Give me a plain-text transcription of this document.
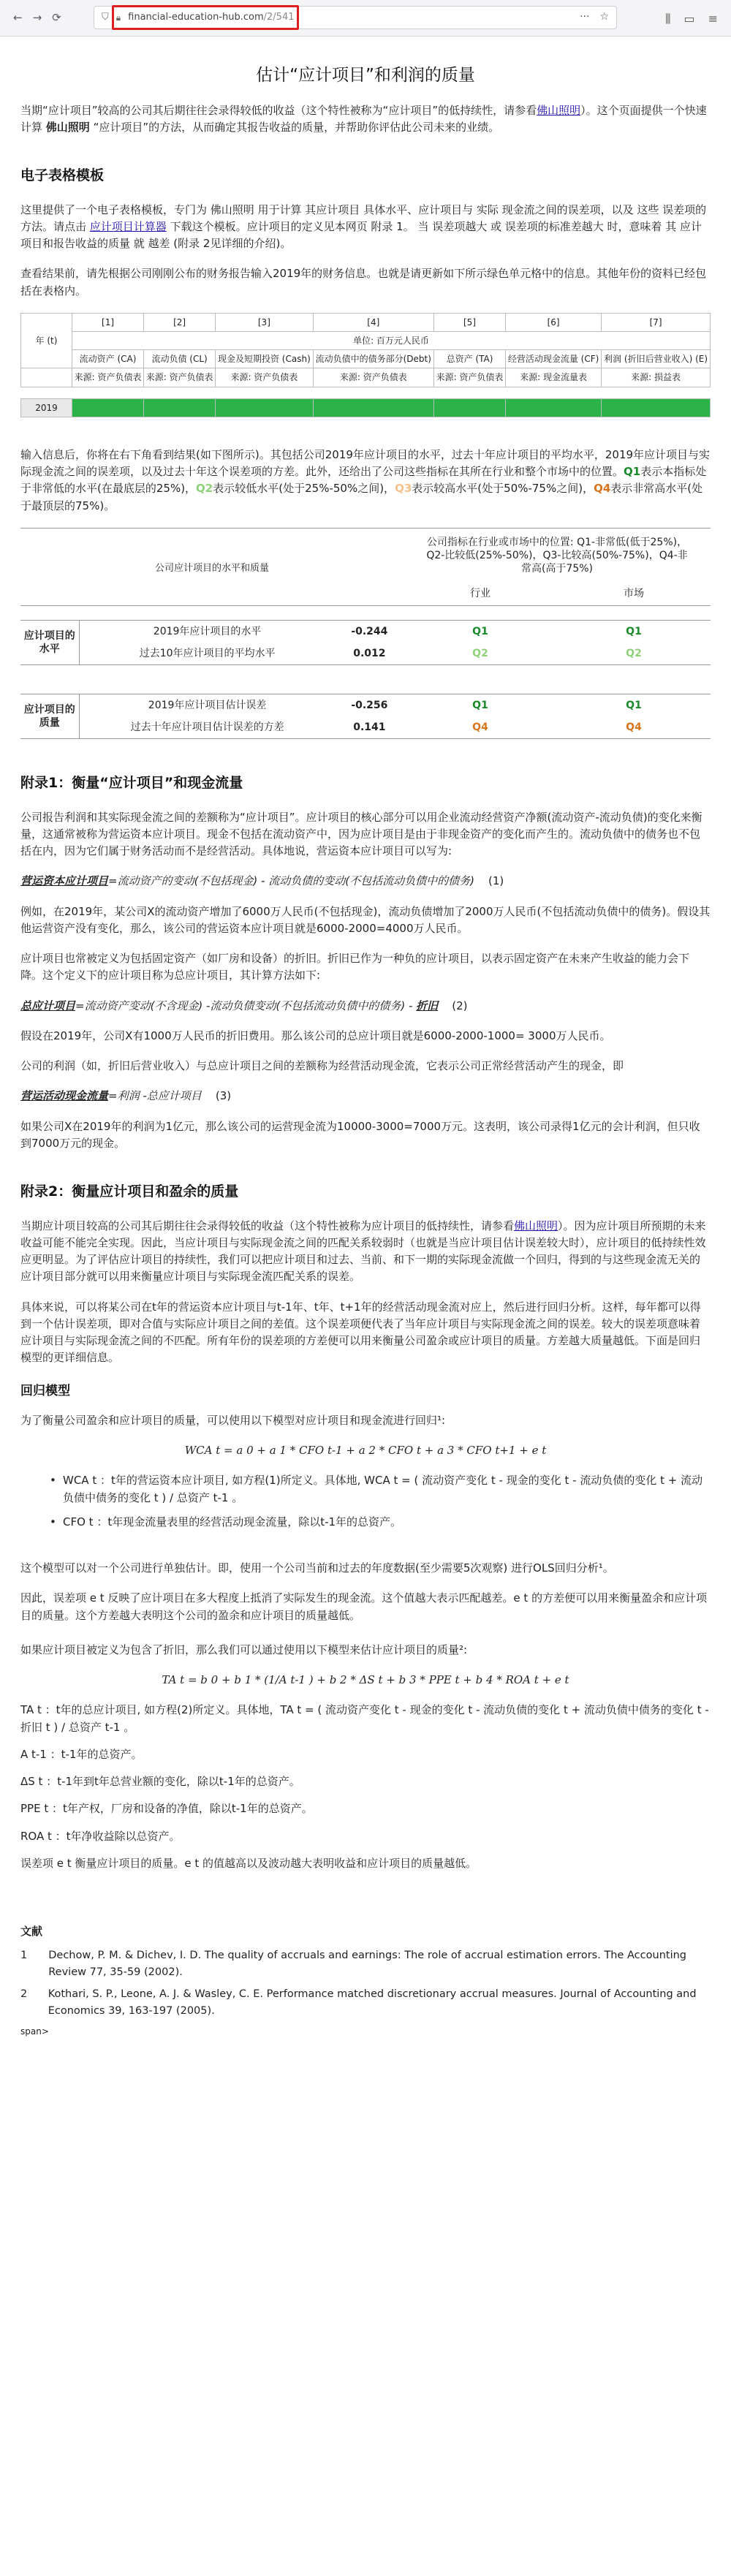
← → ⟳	⛉ 🔒︎ financial-education-hub.com/2/541	··· ☆	⫼ ▭ ≡
估计“应计项目”和利润的质量

当期“应计项目”较高的公司其后期往往会录得较低的收益（这个特性被称为“应计项目”的低持续性，请参看佛山照明）。这个页面提供一个快速计算 佛山照明 “应计项目”的方法，从而确定其报告收益的质量，并帮助你评估此公司未来的业绩。

电子表格模板

这里提供了一个电子表格模板，专门为 佛山照明 用于计算 其应计项目 具体水平、应计项目与 实际 现金流之间的误差项，以及 这些 误差项的方法。请点击 应计项目计算器 下载这个模板。应计项目的定义见本网页 附录 1。 当 误差项越大 或 误差项的标准差越大 时，意味着 其 应计项目和报告收益的质量 就 越差 (附录 2见详细的介绍)。

查看结果前，请先根据公司刚刚公布的财务报告输入2019年的财务信息。也就是请更新如下所示绿色单元格中的信息。其他年份的资料已经包括在表格内。

年 (t)	[1]	[2]	[3]	[4]	[5]	[6]	[7]
	单位: 百万元人民币						
	流动资产 (CA)	流动负债 (CL)	现金及短期投资 (Cash)	流动负债中的债务部分(Debt)	总资产 (TA)	经营活动现金流量 (CF)	利润 (折旧后营业收入) (E)
	来源: 资产负债表	来源: 资产负债表	来源: 资产负债表	来源: 资产负债表	来源: 资产负债表	来源: 现金流量表	来源: 损益表

2019							

输入信息后，你将在右下角看到结果(如下图所示)。其包括公司2019年应计项目的水平，过去十年应计项目的平均水平，2019年应计项目与实际现金流之间的误差项，以及过去十年这个误差项的方差。此外，还给出了公司这些指标在其所在行业和整个市场中的位置。Q1表示本指标处于非常低的水平(在最底层的25%)，Q2表示较低水平(处于25%-50%之间)，Q3表示较高水平(处于50%-75%之间)，Q4表示非常高水平(处于最顶层的75%)。

公司应计项目的水平和质量			公司指标在行业或市场中的位置: Q1-非常低(低于25%)，Q2-比较低(25%-50%)，Q3-比较高(50%-75%)，Q4-非常高(高于75%)	
			行业	市场

应计项目的水平	2019年应计项目的水平	-0.244	Q1	Q1
	过去10年应计项目的平均水平	0.012	Q2	Q2

应计项目的质量	2019年应计项目估计误差	-0.256	Q1	Q1
	过去十年应计项目估计误差的方差	0.141	Q4	Q4
附录1：衡量“应计项目”和现金流量

公司报告利润和其实际现金流之间的差额称为“应计项目”。应计项目的核心部分可以用企业流动经营资产净额(流动资产-流动负债)的变化来衡量，这通常被称为营运资本应计项目。现金不包括在流动资产中，因为应计项目是由于非现金资产的变化而产生的。流动负债中的债务也不包括在内，因为它们属于财务活动而不是经营活动。具体地说，营运资本应计项目可以写为:

营运资本应计项目=流动资产的变动(不包括现金) - 流动负债的变动(不包括流动负债中的债务) (1)

例如，在2019年，某公司X的流动资产增加了6000万人民币(不包括现金)，流动负债增加了2000万人民币(不包括流动负债中的债务)。假设其他运营资产没有变化，那么，该公司的营运资本应计项目就是6000-2000=4000万人民币。

应计项目也常被定义为包括固定资产（如厂房和设备）的折旧。折旧已作为一种负的应计项目，以表示固定资产在未来产生收益的能力会下降。这个定义下的应计项目称为总应计项目，其计算方法如下:

总应计项目=流动资产变动(不含现金) -流动负债变动(不包括流动负债中的债务) - 折旧 (2)

假设在2019年，公司X有1000万人民币的折旧费用。那么该公司的总应计项目就是6000-2000-1000= 3000万人民币。

公司的利润（如，折旧后营业收入）与总应计项目之间的差额称为经营活动现金流，它表示公司正常经营活动产生的现金，即

营运活动现金流量=利润 -总应计项目 (3)

如果公司X在2019年的利润为1亿元，那么该公司的运营现金流为10000-3000=7000万元。这表明，该公司录得1亿元的会计利润，但只收到7000万元的现金。

附录2：衡量应计项目和盈余的质量

当期应计项目较高的公司其后期往往会录得较低的收益（这个特性被称为应计项目的低持续性，请参看佛山照明）。因为应计项目所预期的未来收益可能不能完全实现。因此，当应计项目与实际现金流之间的匹配关系较弱时（也就是当应计项目估计误差较大时），应计项目的低持续性效应更明显。为了评估应计项目的持续性，我们可以把应计项目和过去、当前、和下一期的实际现金流做一个回归，得到的与这些现金流无关的应计项目部分就可以用来衡量应计项目与实际现金流匹配关系的误差。

具体来说，可以将某公司在t年的营运资本应计项目与t-1年、t年、t+1年的经营活动现金流对应上，然后进行回归分析。这样，每年都可以得到一个估计误差项，即对合值与实际应计项目之间的差值。这个误差项便代表了当年应计项目与实际现金流之间的误差。较大的误差项意味着应计项目与实际现金流之间的不匹配。所有年份的误差项的方差便可以用来衡量公司盈余或应计项目的质量。方差越大质量越低。下面是回归模型的更详细信息。

回归模型

为了衡量公司盈余和应计项目的质量，可以使用以下模型对应计项目和现金流进行回归¹:

WCA t = a 0 + a 1 * CFO t-1 + a 2 * CFO t + a 3 * CFO t+1 + e t
• WCA t ：t年的营运资本应计项目, 如方程(1)所定义。具体地, WCA t = ( 流动资产变化 t - 现金的变化 t - 流动负债的变化 t + 流动负债中债务的变化 t ) / 总资产 t-1 。
• CFO t ：t年现金流量表里的经营活动现金流量，除以t-1年的总资产。

这个模型可以对一个公司进行单独估计。即，使用一个公司当前和过去的年度数据(至少需要5次观察) 进行OLS回归分析¹。

因此，误差项 e t 反映了应计项目在多大程度上抵消了实际发生的现金流。这个值越大表示匹配越差。e t 的方差便可以用来衡量盈余和应计项目的质量。这个方差越大表明这个公司的盈余和应计项目的质量越低。

如果应计项目被定义为包含了折旧，那么我们可以通过使用以下模型来估计应计项目的质量²:

TA t = b 0 + b 1 * (1/A t-1 ) + b 2 * ΔS t + b 3 * PPE t + b 4 * ROA t + e t

TA t ：t年的总应计项目, 如方程(2)所定义。具体地，TA t = ( 流动资产变化 t - 现金的变化 t - 流动负债的变化 t + 流动负债中债务的变化 t - 折旧 t ) / 总资产 t-1 。

A t-1 ：t-1年的总资产。

ΔS t ：t-1年到t年总营业额的变化，除以t-1年的总资产。

PPE t ：t年产权，厂房和设备的净值，除以t-1年的总资产。

ROA t ：t年净收益除以总资产。

误差项 e t 衡量应计项目的质量。e t 的值越高以及波动越大表明收益和应计项目的质量越低。

文献
1 Dechow, P. M. & Dichev, I. D. The quality of accruals and earnings: The role of accrual estimation errors. The Accounting Review 77, 35-59 (2002).
2 Kothari, S. P., Leone, A. J. & Wasley, C. E. Performance matched discretionary accrual measures. Journal of Accounting and Economics 39, 163-197 (2005).

span>
